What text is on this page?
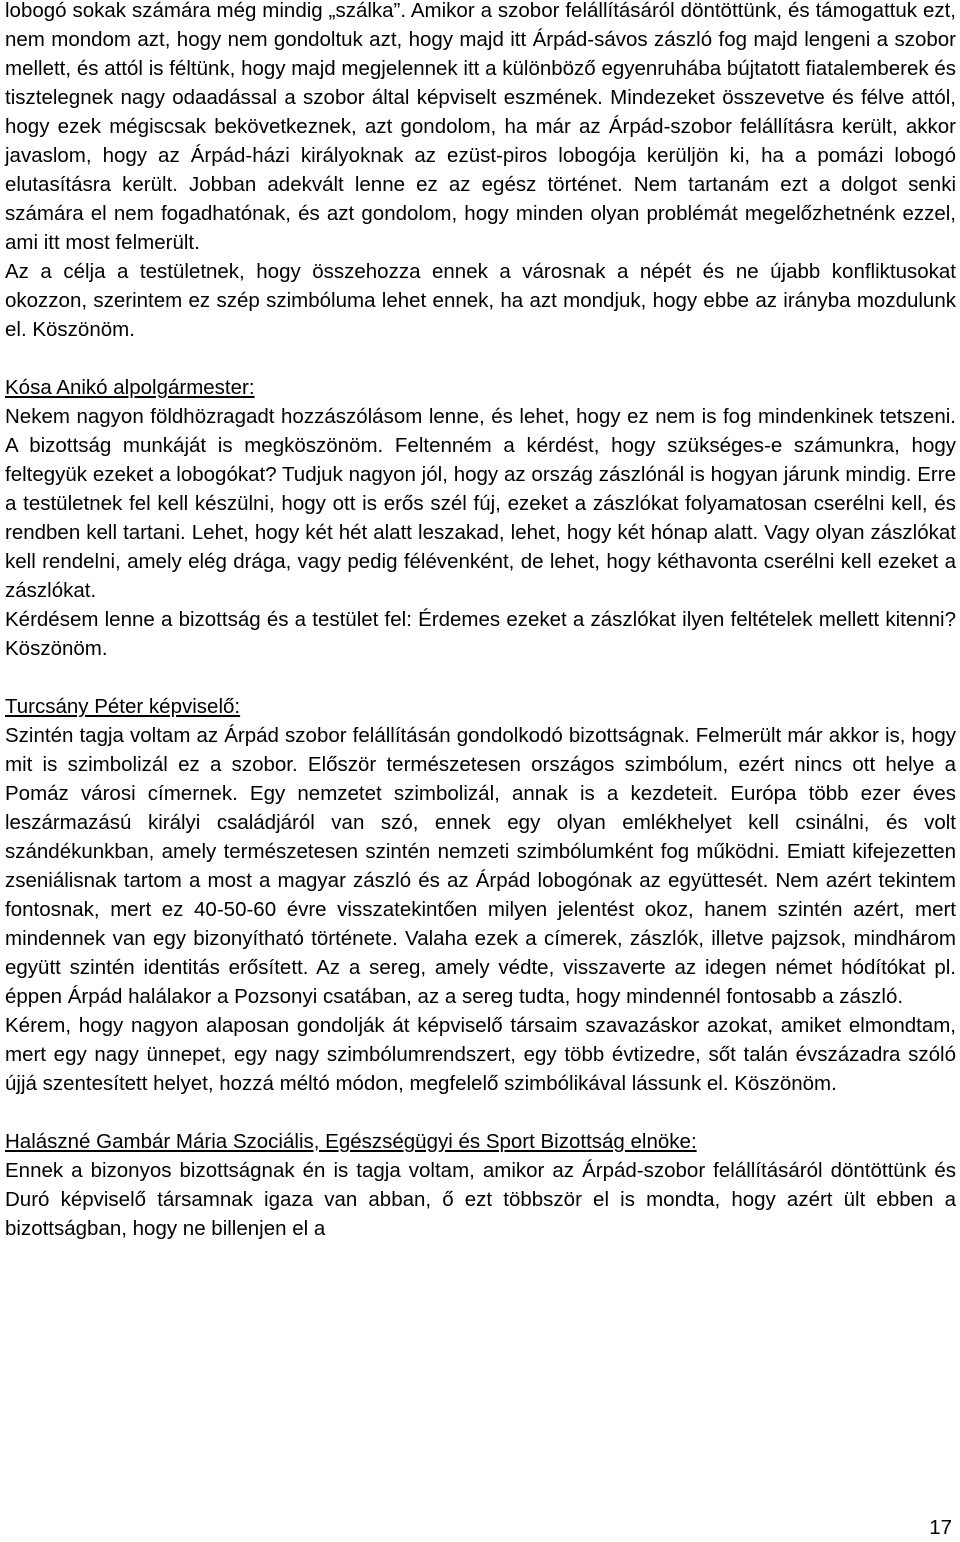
lobogó sokak számára még mindig „szálka”. Amikor a szobor felállításáról döntöttünk, és támogattuk ezt, nem mondom azt, hogy nem gondoltuk azt, hogy majd itt Árpád-sávos zászló fog majd lengeni a szobor mellett, és attól is féltünk, hogy majd megjelennek itt a különböző egyenruhába bújtatott fiatalemberek és tisztelegnek nagy odaadással a szobor által képviselt eszmének. Mindezeket összevetve és félve attól, hogy ezek mégiscsak bekövetkeznek, azt gondolom, ha már az Árpád-szobor felállításra került, akkor javaslom, hogy az Árpád-házi királyoknak az ezüst-piros lobogója kerüljön ki, ha a pomázi lobogó elutasításra került. Jobban adekvált lenne ez az egész történet. Nem tartanám ezt a dolgot senki számára el nem fogadhatónak, és azt gondolom, hogy minden olyan problémát megelőzhetnénk ezzel, ami itt most felmerült.

Az a célja a testületnek, hogy összehozza ennek a városnak a népét és ne újabb konfliktusokat okozzon, szerintem ez szép szimbóluma lehet ennek, ha azt mondjuk, hogy ebbe az irányba mozdulunk el. Köszönöm.

Kósa Anikó alpolgármester:

Nekem nagyon földhözragadt hozzászólásom lenne, és lehet, hogy ez nem is fog mindenkinek tetszeni. A bizottság munkáját is megköszönöm. Feltenném a kérdést, hogy szükséges-e számunkra, hogy feltegyük ezeket a lobogókat? Tudjuk nagyon jól, hogy az ország zászlónál is hogyan járunk mindig. Erre a testületnek fel kell készülni, hogy ott is erős szél fúj, ezeket a zászlókat folyamatosan cserélni kell, és rendben kell tartani. Lehet, hogy két hét alatt leszakad, lehet, hogy két hónap alatt. Vagy olyan zászlókat kell rendelni, amely elég drága, vagy pedig félévenként, de lehet, hogy kéthavonta cserélni kell ezeket a zászlókat.

Kérdésem lenne a bizottság és a testület fel: Érdemes ezeket a zászlókat ilyen feltételek mellett kitenni? Köszönöm.

Turcsány Péter képviselő:

Szintén tagja voltam az Árpád szobor felállításán gondolkodó bizottságnak. Felmerült már akkor is, hogy mit is szimbolizál ez a szobor. Először természetesen országos szimbólum, ezért nincs ott helye a Pomáz városi címernek. Egy nemzetet szimbolizál, annak is a kezdeteit. Európa több ezer éves leszármazású királyi családjáról van szó, ennek egy olyan emlékhelyet kell csinálni, és volt szándékunkban, amely természetesen szintén nemzeti szimbólumként fog működni. Emiatt kifejezetten zseniálisnak tartom a most a magyar zászló és az Árpád lobogónak az együttesét. Nem azért tekintem fontosnak, mert ez 40-50-60 évre visszatekintően milyen jelentést okoz, hanem szintén azért, mert mindennek van egy bizonyítható története. Valaha ezek a címerek, zászlók, illetve pajzsok, mindhárom együtt szintén identitás erősített. Az a sereg, amely védte, visszaverte az idegen német hódítókat pl. éppen Árpád halálakor a Pozsonyi csatában, az a sereg tudta, hogy mindennél fontosabb a zászló.

Kérem, hogy nagyon alaposan gondolják át képviselő társaim szavazáskor azokat, amiket elmondtam, mert egy nagy ünnepet, egy nagy szimbólumrendszert, egy több évtizedre, sőt talán évszázadra szóló újjá szentesített helyet, hozzá méltó módon, megfelelő szimbólikával lássunk el. Köszönöm.

Halászné Gambár Mária Szociális, Egészségügyi és Sport Bizottság elnöke:

Ennek a bizonyos bizottságnak én is tagja voltam, amikor az Árpád-szobor felállításáról döntöttünk és Duró képviselő társamnak igaza van abban, ő ezt többször el is mondta, hogy azért ült ebben a bizottságban, hogy ne billenjen el a

17
